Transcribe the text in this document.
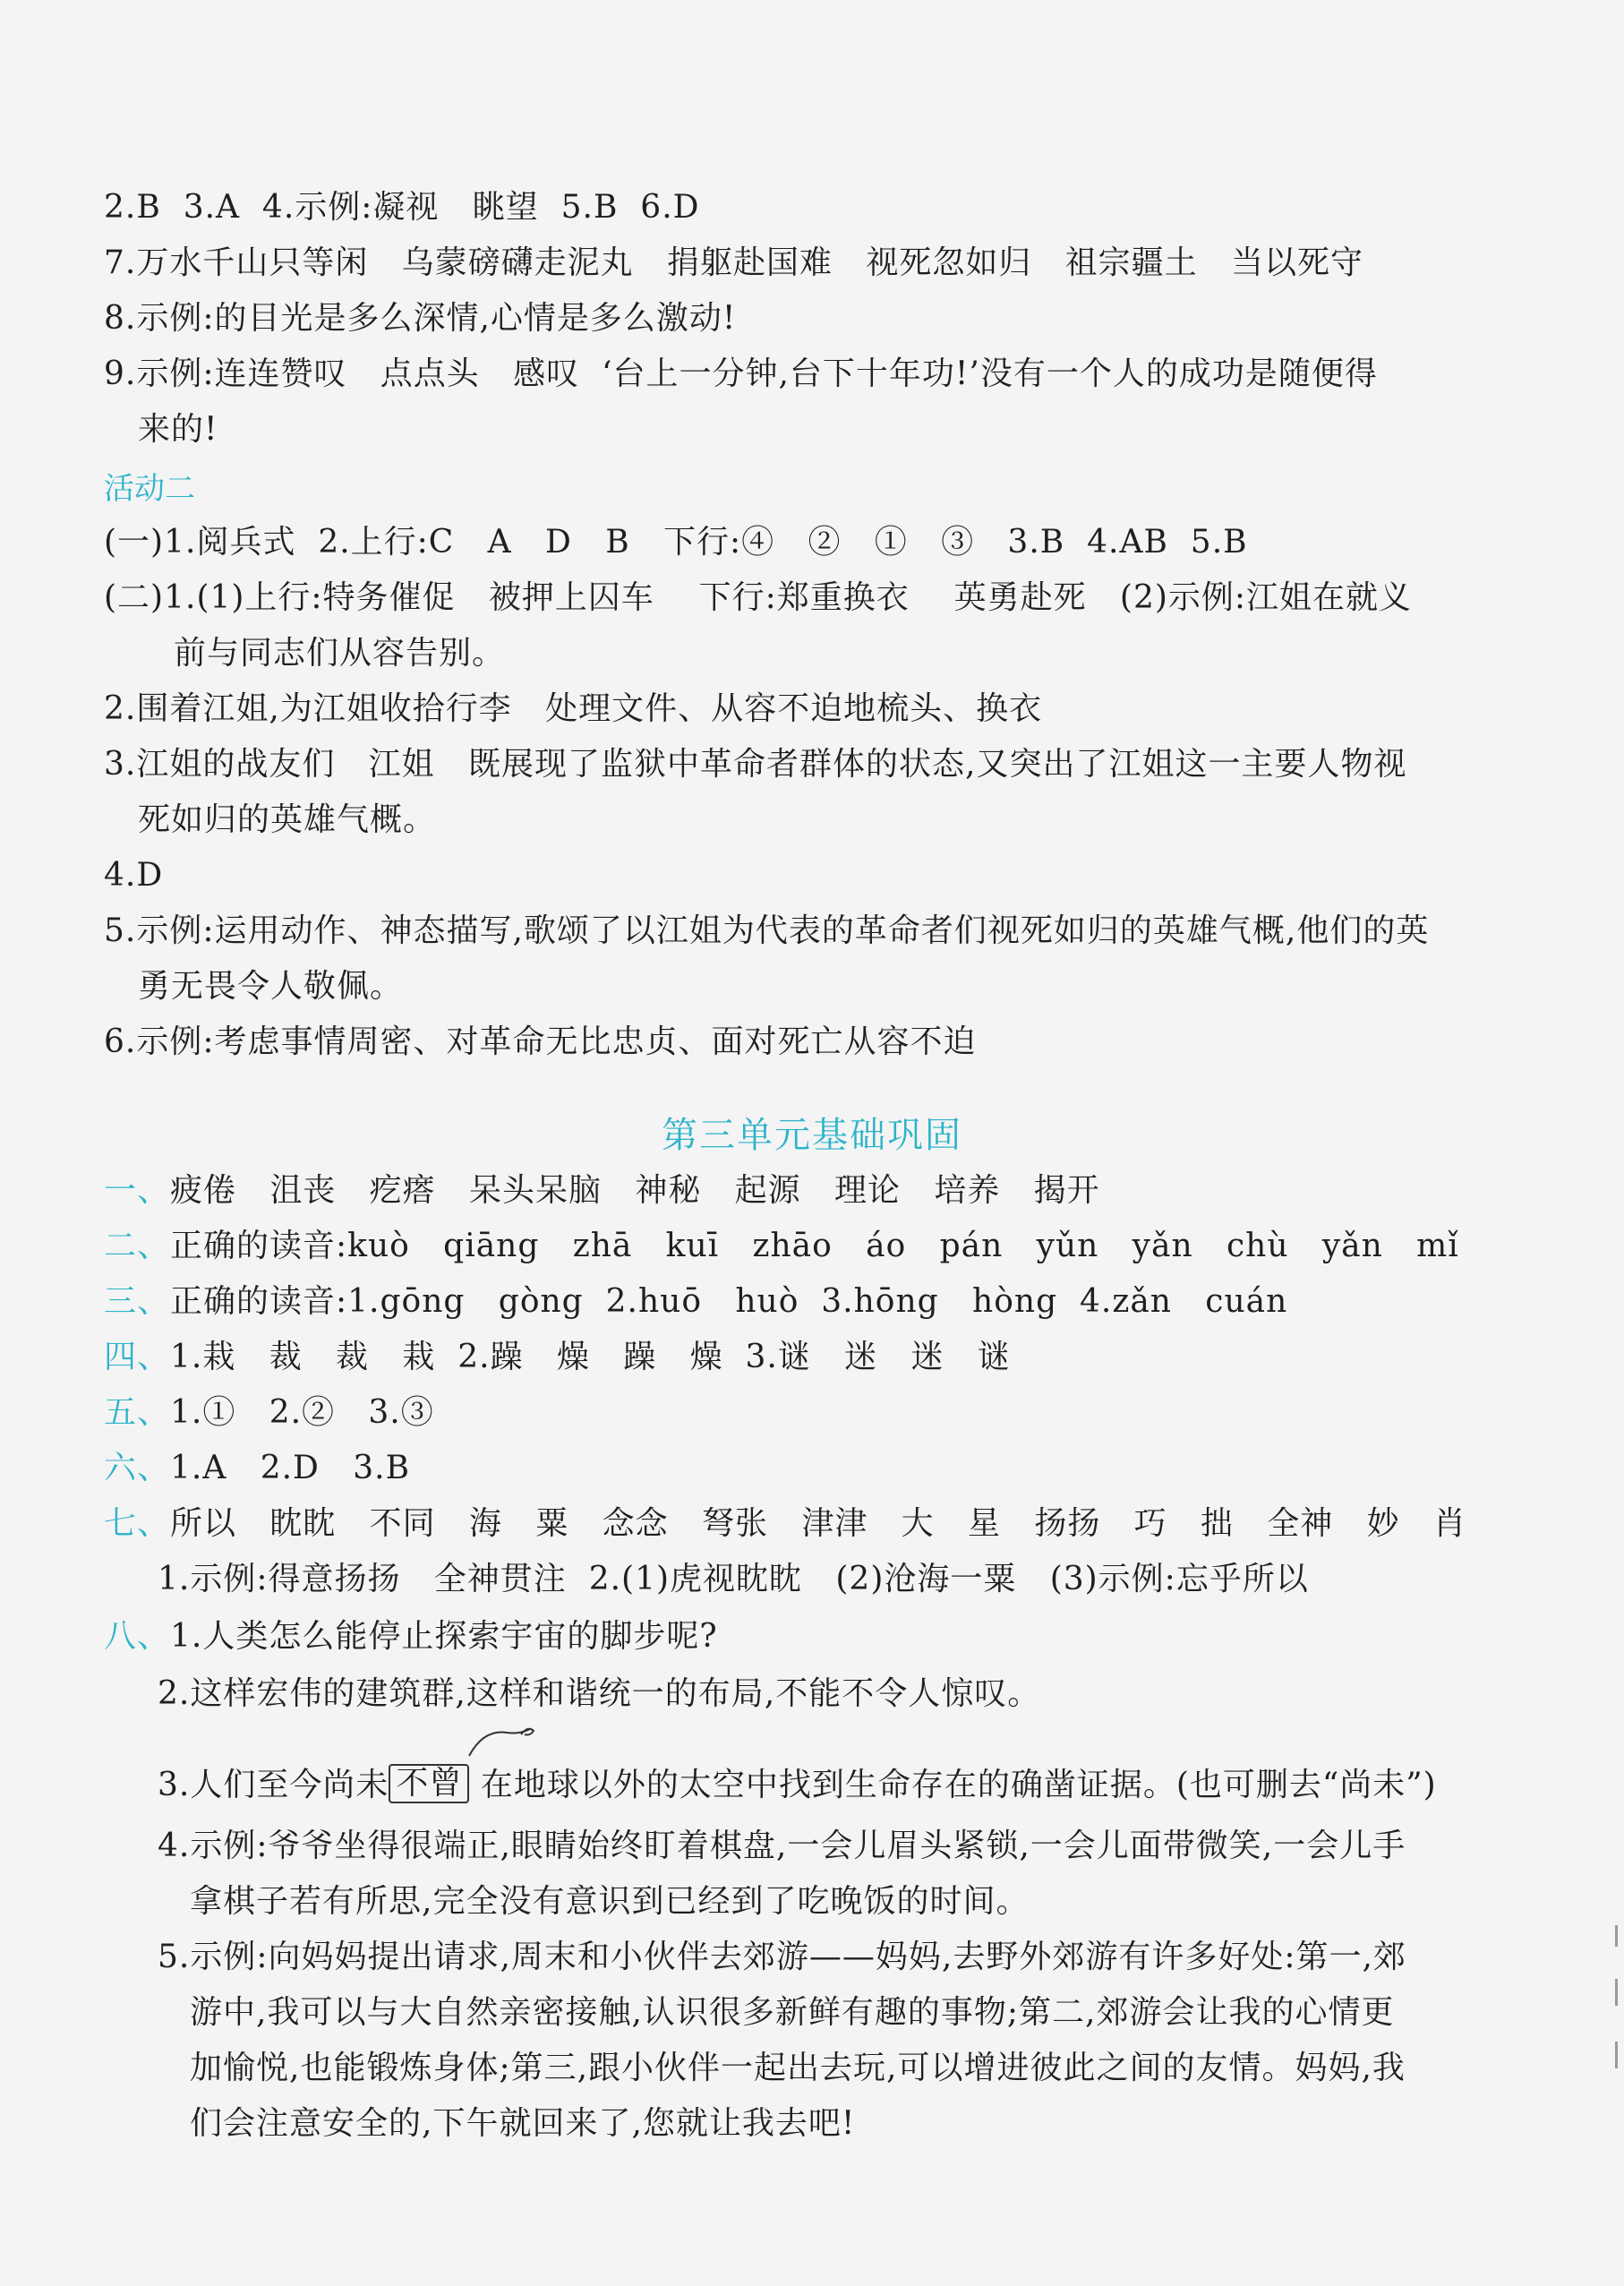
2.B  3.A  4.示例:凝视   眺望  5.B  6.D
7.万水千山只等闲   乌蒙磅礴走泥丸   捐躯赴国难   视死忽如归   祖宗疆土   当以死守
8.示例:的目光是多么深情,心情是多么激动!
9.示例:连连赞叹   点点头   感叹  ‘台上一分钟,台下十年功!’没有一个人的成功是随便得
来的!
活动二
(一)1.阅兵式  2.上行:C   A   D   B   下行:④   ②   ①   ③   3.B  4.AB  5.B
(二)1.(1)上行:特务催促   被押上囚车    下行:郑重换衣    英勇赴死   (2)示例:江姐在就义
前与同志们从容告别。
2.围着江姐,为江姐收拾行李   处理文件、从容不迫地梳头、换衣
3.江姐的战友们   江姐   既展现了监狱中革命者群体的状态,又突出了江姐这一主要人物视
死如归的英雄气概。
4.D
5.示例:运用动作、神态描写,歌颂了以江姐为代表的革命者们视死如归的英雄气概,他们的英
勇无畏令人敬佩。
6.示例:考虑事情周密、对革命无比忠贞、面对死亡从容不迫
第三单元基础巩固
一、疲倦   沮丧   疙瘩   呆头呆脑   神秘   起源   理论   培养   揭开
二、正确的读音:kuò   qiāng   zhā   kuī   zhāo   áo   pán   yǔn   yǎn   chù   yǎn   mǐ
三、正确的读音:1.gōng   gòng  2.huō   huò  3.hōng   hòng  4.zǎn   cuán
四、1.栽   裁   裁   栽  2.躁   燥   躁   燥  3.谜   迷   迷   谜
五、1.①   2.②   3.③
六、1.A   2.D   3.B
七、所以   眈眈   不同   海   粟   念念   弩张   津津   大   星   扬扬   巧   拙   全神   妙   肖
1.示例:得意扬扬   全神贯注  2.(1)虎视眈眈   (2)沧海一粟   (3)示例:忘乎所以
八、1.人类怎么能停止探索宇宙的脚步呢?
2.这样宏伟的建筑群,这样和谐统一的布局,不能不令人惊叹。
3.人们至今尚未 不曾 在地球以外的太空中找到生命存在的确凿证据。(也可删去“尚未”)
4.示例:爷爷坐得很端正,眼睛始终盯着棋盘,一会儿眉头紧锁,一会儿面带微笑,一会儿手
拿棋子若有所思,完全没有意识到已经到了吃晚饭的时间。
5.示例:向妈妈提出请求,周末和小伙伴去郊游——妈妈,去野外郊游有许多好处:第一,郊
游中,我可以与大自然亲密接触,认识很多新鲜有趣的事物;第二,郊游会让我的心情更
加愉悦,也能锻炼身体;第三,跟小伙伴一起出去玩,可以增进彼此之间的友情。妈妈,我
们会注意安全的,下午就回来了,您就让我去吧!
